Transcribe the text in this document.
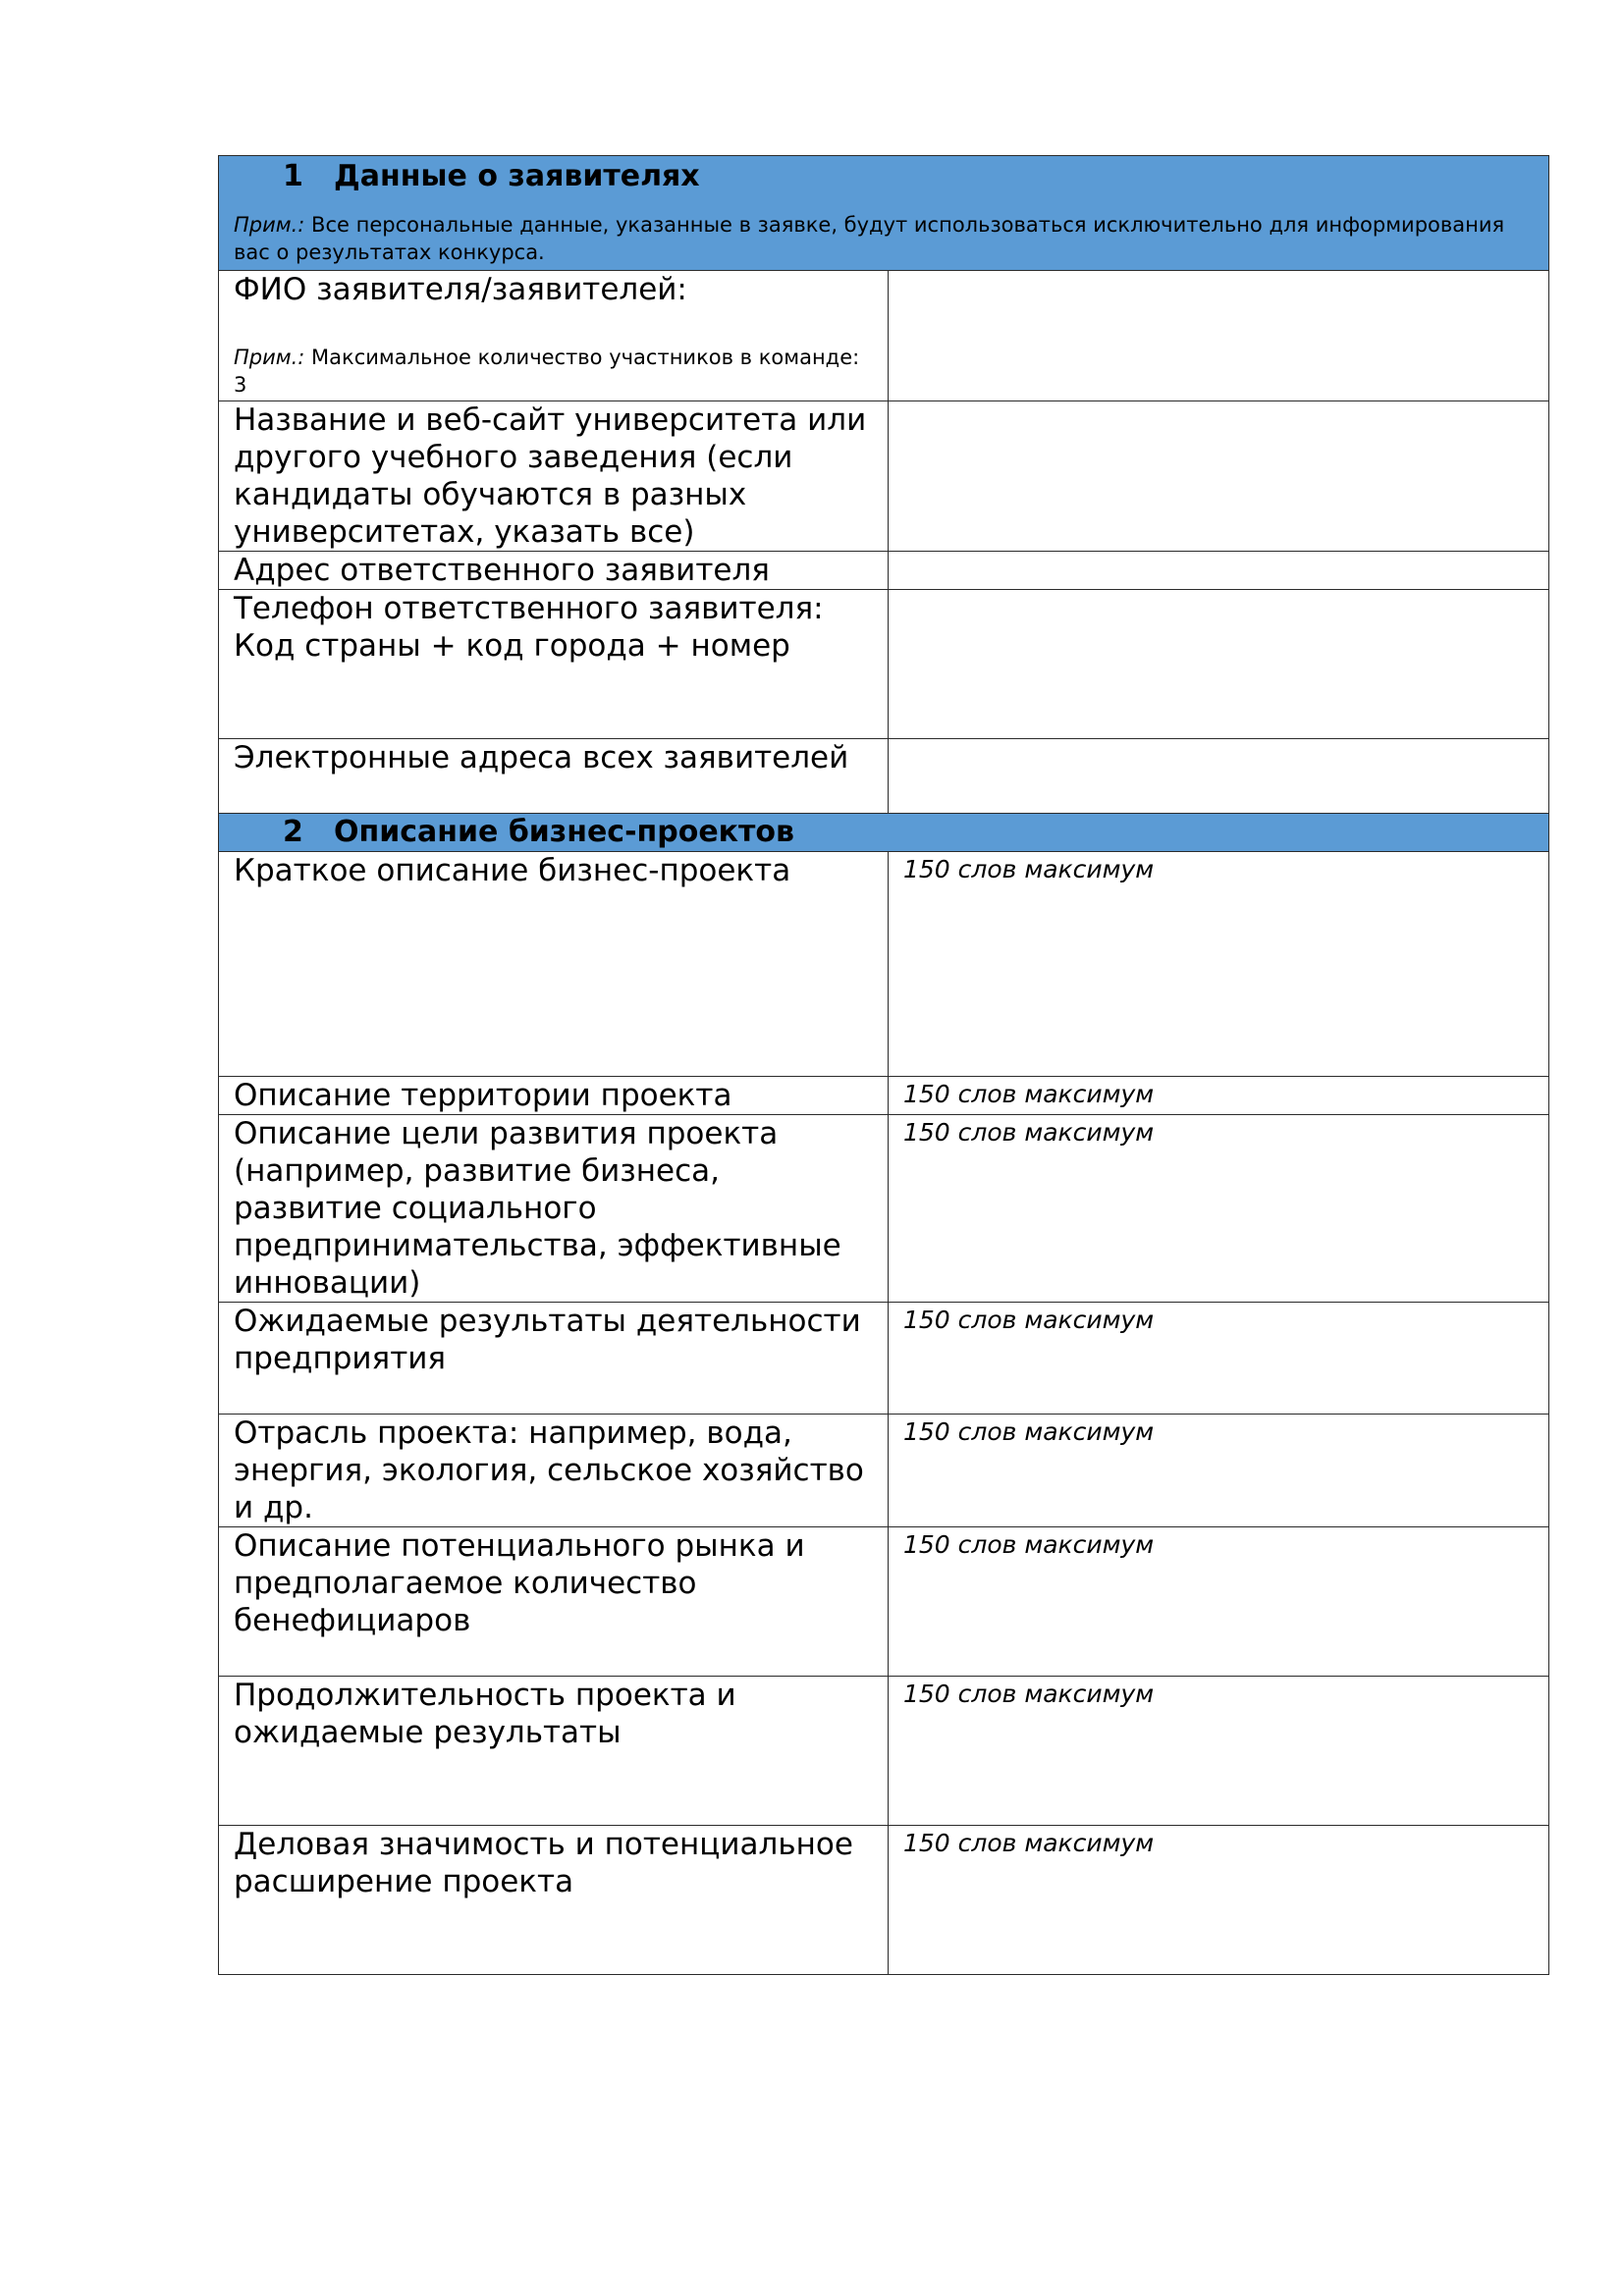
1 Данные о заявителях
Прим.: Все персональные данные, указанные в заявке, будут использоваться исключительно для информирования вас о результатах конкурса.	

ФИО заявителя/заявителей:
Прим.: Максимальное количество участников в команде: 3	

Название и веб-сайт университета или другого учебного заведения (если кандидаты обучаются в разных университетах, указать все)	

Адрес ответственного заявителя	

Телефон ответственного заявителя: Код страны + код города + номер	

Электронные адреса всех заявителей	

2 Описание бизнес-проектов	

Краткое описание бизнес-проекта	150 слов максимум

Описание территории проекта	150 слов максимум

Описание цели развития проекта (например, развитие бизнеса, развитие социального предпринимательства, эффективные инновации)	150 слов максимум

Ожидаемые результаты деятельности предприятия	150 слов максимум

Отрасль проекта: например, вода, энергия, экология, сельское хозяйство и др.	150 слов максимум

Описание потенциального рынка и предполагаемое количество бенефициаров	150 слов максимум

Продолжительность проекта и ожидаемые результаты	150 слов максимум

Деловая значимость и потенциальное расширение проекта	150 слов максимум
